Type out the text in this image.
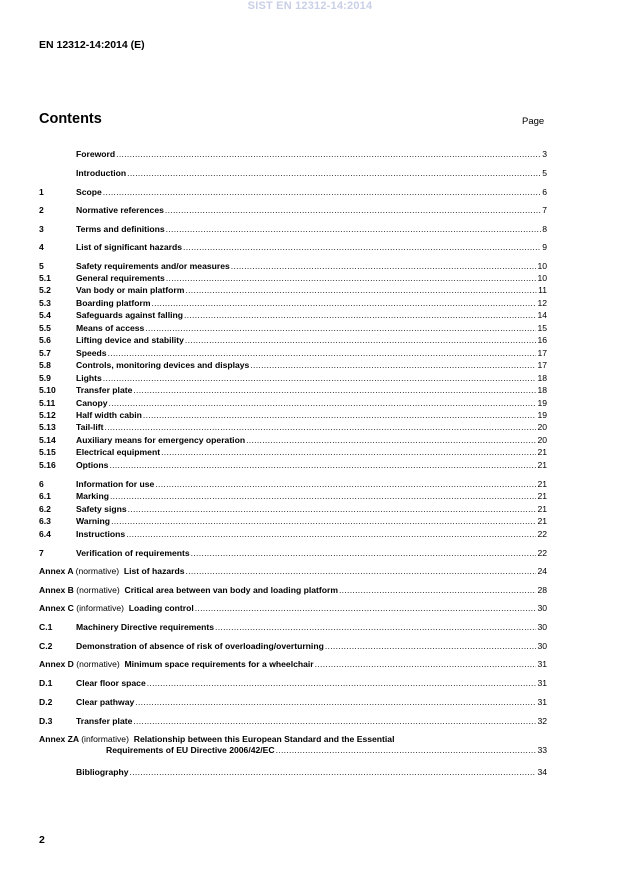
SIST EN 12312-14:2014
EN 12312-14:2014 (E)
Contents	Page
Foreword .....	3
Introduction .....	5
1	Scope .....	6
2	Normative references .....	7
3	Terms and definitions .....	8
4	List of significant hazards .....	9
5	Safety requirements and/or measures .....	10
5.1	General requirements .....	10
5.2	Van body or main platform .....	11
5.3	Boarding platform .....	12
5.4	Safeguards against falling .....	14
5.5	Means of access .....	15
5.6	Lifting device and stability .....	16
5.7	Speeds .....	17
5.8	Controls, monitoring devices and displays .....	17
5.9	Lights .....	18
5.10	Transfer plate .....	18
5.11	Canopy .....	19
5.12	Half width cabin .....	19
5.13	Tail-lift .....	20
5.14	Auxiliary means for emergency operation .....	20
5.15	Electrical equipment .....	21
5.16	Options .....	21
6	Information for use .....	21
6.1	Marking .....	21
6.2	Safety signs .....	21
6.3	Warning .....	21
6.4	Instructions .....	22
7	Verification of requirements .....	22
Annex A (normative) List of hazards .....	24
Annex B (normative) Critical area between van body and loading platform .....	28
Annex C (informative) Loading control .....	30
C.1	Machinery Directive requirements .....	30
C.2	Demonstration of absence of risk of overloading/overturning .....	30
Annex D (normative) Minimum space requirements for a wheelchair .....	31
D.1	Clear floor space .....	31
D.2	Clear pathway .....	31
D.3	Transfer plate .....	32
Annex ZA (informative) Relationship between this European Standard and the Essential
Requirements of EU Directive 2006/42/EC .....	33
Bibliography .....	34
2
